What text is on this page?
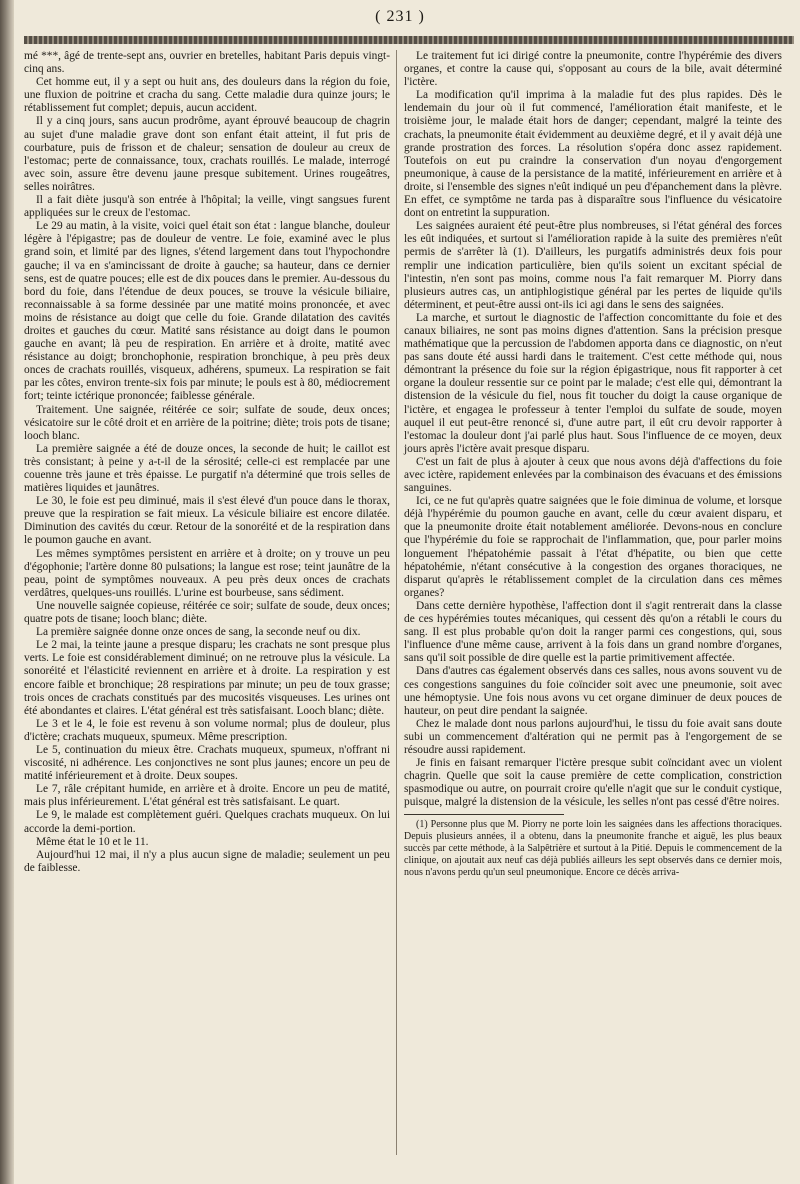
( 231 )

mé ***, âgé de trente-sept ans, ouvrier en bretelles, habitant Paris depuis vingt-cinq ans.

Cet homme eut, il y a sept ou huit ans, des douleurs dans la région du foie, une fluxion de poitrine et cracha du sang. Cette maladie dura quinze jours; le rétablissement fut complet; depuis, aucun accident.

Il y a cinq jours, sans aucun prodrôme, ayant éprouvé beaucoup de chagrin au sujet d'une maladie grave dont son enfant était atteint, il fut pris de courbature, puis de frisson et de chaleur; sensation de douleur au creux de l'estomac; perte de connaissance, toux, crachats rouillés. Le malade, interrogé avec soin, assure être devenu jaune presque subitement. Urines rougeâtres, selles noirâtres.

Il a fait diète jusqu'à son entrée à l'hôpital; la veille, vingt sangsues furent appliquées sur le creux de l'estomac.

Le 29 au matin, à la visite, voici quel était son état : langue blanche, douleur légère à l'épigastre; pas de douleur de ventre. Le foie, examiné avec le plus grand soin, et limité par des lignes, s'étend largement dans tout l'hypochondre gauche; il va en s'amincissant de droite à gauche; sa hauteur, dans ce dernier sens, est de quatre pouces; elle est de dix pouces dans le premier. Au-dessous du bord du foie, dans l'étendue de deux pouces, se trouve la vésicule biliaire, reconnaissable à sa forme dessinée par une matité moins prononcée, et avec moins de résistance au doigt que celle du foie. Grande dilatation des cavités droites et gauches du cœur. Matité sans résistance au doigt dans le poumon gauche en avant; là peu de respiration. En arrière et à droite, matité avec résistance au doigt; bronchophonie, respiration bronchique, à peu près deux onces de crachats rouillés, visqueux, adhérens, spumeux. La respiration se fait par les côtes, environ trente-six fois par minute; le pouls est à 80, médiocrement fort; teinte ictérique prononcée; faiblesse générale.

Traitement. Une saignée, réitérée ce soir; sulfate de soude, deux onces; vésicatoire sur le côté droit et en arrière de la poitrine; diète; trois pots de tisane; looch blanc.

La première saignée a été de douze onces, la seconde de huit; le caillot est très consistant; à peine y a-t-il de la sérosité; celle-ci est remplacée par une couenne très jaune et très épaisse. Le purgatif n'a déterminé que trois selles de matières liquides et jaunâtres.

Le 30, le foie est peu diminué, mais il s'est élevé d'un pouce dans le thorax, preuve que la respiration se fait mieux. La vésicule biliaire est encore dilatée. Diminution des cavités du cœur. Retour de la sonoréité et de la respiration dans le poumon gauche en avant.

Les mêmes symptômes persistent en arrière et à droite; on y trouve un peu d'égophonie; l'artère donne 80 pulsations; la langue est rose; teint jaunâtre de la peau, point de symptômes nouveaux. A peu près deux onces de crachats verdâtres, quelques-uns rouillés. L'urine est bourbeuse, sans sédiment.

Une nouvelle saignée copieuse, réitérée ce soir; sulfate de soude, deux onces; quatre pots de tisane; looch blanc; diète.

La première saignée donne onze onces de sang, la seconde neuf ou dix.

Le 2 mai, la teinte jaune a presque disparu; les crachats ne sont presque plus verts. Le foie est considérablement diminué; on ne retrouve plus la vésicule. La sonoréité et l'élasticité reviennent en arrière et à droite. La respiration y est encore faible et bronchique; 28 respirations par minute; un peu de toux grasse; trois onces de crachats constitués par des mucosités visqueuses. Les urines ont été abondantes et claires. L'état général est très satisfaisant. Looch blanc; diète.

Le 3 et le 4, le foie est revenu à son volume normal; plus de douleur, plus d'ictère; crachats muqueux, spumeux. Même prescription.

Le 5, continuation du mieux être. Crachats muqueux, spumeux, n'offrant ni viscosité, ni adhérence. Les conjonctives ne sont plus jaunes; encore un peu de matité inférieurement et à droite. Deux soupes.

Le 7, râle crépitant humide, en arrière et à droite. Encore un peu de matité, mais plus inférieurement. L'état général est très satisfaisant. Le quart.

Le 9, le malade est complètement guéri. Quelques crachats muqueux. On lui accorde la demi-portion.

Même état le 10 et le 11.

Aujourd'hui 12 mai, il n'y a plus aucun signe de maladie; seulement un peu de faiblesse.

Le traitement fut ici dirigé contre la pneumonite, contre l'hypérémie des divers organes, et contre la cause qui, s'opposant au cours de la bile, avait déterminé l'ictère.

La modification qu'il imprima à la maladie fut des plus rapides. Dès le lendemain du jour où il fut commencé, l'amélioration était manifeste, et le troisième jour, le malade était hors de danger; cependant, malgré la teinte des crachats, la pneumonite était évidemment au deuxième degré, et il y avait déjà une grande prostration des forces. La résolution s'opéra donc assez rapidement. Toutefois on eut pu craindre la conservation d'un noyau d'engorgement pneumonique, à cause de la persistance de la matité, inférieurement en arrière et à droite, si l'ensemble des signes n'eût indiqué un peu d'épanchement dans la plèvre. En effet, ce symptôme ne tarda pas à disparaître sous l'influence du vésicatoire dont on entretint la suppuration.

Les saignées auraient été peut-être plus nombreuses, si l'état général des forces les eût indiquées, et surtout si l'amélioration rapide à la suite des premières n'eût permis de s'arrêter là (1). D'ailleurs, les purgatifs administrés deux fois pour remplir une indication particulière, bien qu'ils soient un excitant spécial de l'intestin, n'en sont pas moins, comme nous l'a fait remarquer M. Piorry dans plusieurs autres cas, un antiphlogistique général par les pertes de liquide qu'ils déterminent, et peut-être aussi ont-ils ici agi dans le sens des saignées.

La marche, et surtout le diagnostic de l'affection concomittante du foie et des canaux biliaires, ne sont pas moins dignes d'attention. Sans la précision presque mathématique que la percussion de l'abdomen apporta dans ce diagnostic, on n'eut pas sans doute été aussi hardi dans le traitement. C'est cette méthode qui, nous démontrant la présence du foie sur la région épigastrique, nous fit rapporter à cet organe la douleur ressentie sur ce point par le malade; c'est elle qui, démontrant la distension de la vésicule du fiel, nous fit toucher du doigt la cause organique de l'ictère, et engagea le professeur à tenter l'emploi du sulfate de soude, moyen auquel il eut peut-être renoncé si, d'une autre part, il eût cru devoir rapporter à l'estomac la douleur dont j'ai parlé plus haut. Sous l'influence de ce moyen, deux jours après l'ictère avait presque disparu.

C'est un fait de plus à ajouter à ceux que nous avons déjà d'affections du foie avec ictère, rapidement enlevées par la combinaison des évacuans et des émissions sanguines.

Ici, ce ne fut qu'après quatre saignées que le foie diminua de volume, et lorsque déjà l'hypérémie du poumon gauche en avant, celle du cœur avaient disparu, et que la pneumonite droite était notablement améliorée. Devons-nous en conclure que l'hypérémie du foie se rapprochait de l'inflammation, que, pour parler moins longuement l'hépatohémie passait à l'état d'hépatite, ou bien que cette hépatohémie, n'étant consécutive à la congestion des organes thoraciques, ne disparut qu'après le rétablissement complet de la circulation dans ces mêmes organes?

Dans cette dernière hypothèse, l'affection dont il s'agit rentrerait dans la classe de ces hypérémies toutes mécaniques, qui cessent dès qu'on a rétabli le cours du sang. Il est plus probable qu'on doit la ranger parmi ces congestions, qui, sous l'influence d'une même cause, arrivent à la fois dans un grand nombre d'organes, sans qu'il soit possible de dire quelle est la partie primitivement affectée.

Dans d'autres cas également observés dans ces salles, nous avons souvent vu de ces congestions sanguines du foie coïncider soit avec une pneumonie, soit avec une hémoptysie. Une fois nous avons vu cet organe diminuer de deux pouces de hauteur, on peut dire pendant la saignée.

Chez le malade dont nous parlons aujourd'hui, le tissu du foie avait sans doute subi un commencement d'altération qui ne permit pas à l'engorgement de se résoudre aussi rapidement.

Je finis en faisant remarquer l'ictère presque subit coïncidant avec un violent chagrin. Quelle que soit la cause première de cette complication, constriction spasmodique ou autre, on pourrait croire qu'elle n'agit que sur le conduit cystique, puisque, malgré la distension de la vésicule, les selles n'ont pas cessé d'être noires.

(1) Personne plus que M. Piorry ne porte loin les saignées dans les affections thoraciques. Depuis plusieurs années, il a obtenu, dans la pneumonite franche et aiguë, les plus beaux succès par cette méthode, à la Salpêtrière et surtout à la Pitié. Depuis le commencement de la clinique, on ajoutait aux neuf cas déjà publiés ailleurs les sept observés dans ce dernier mois, nous n'avons perdu qu'un seul pneumonique. Encore ce décès arriva-
